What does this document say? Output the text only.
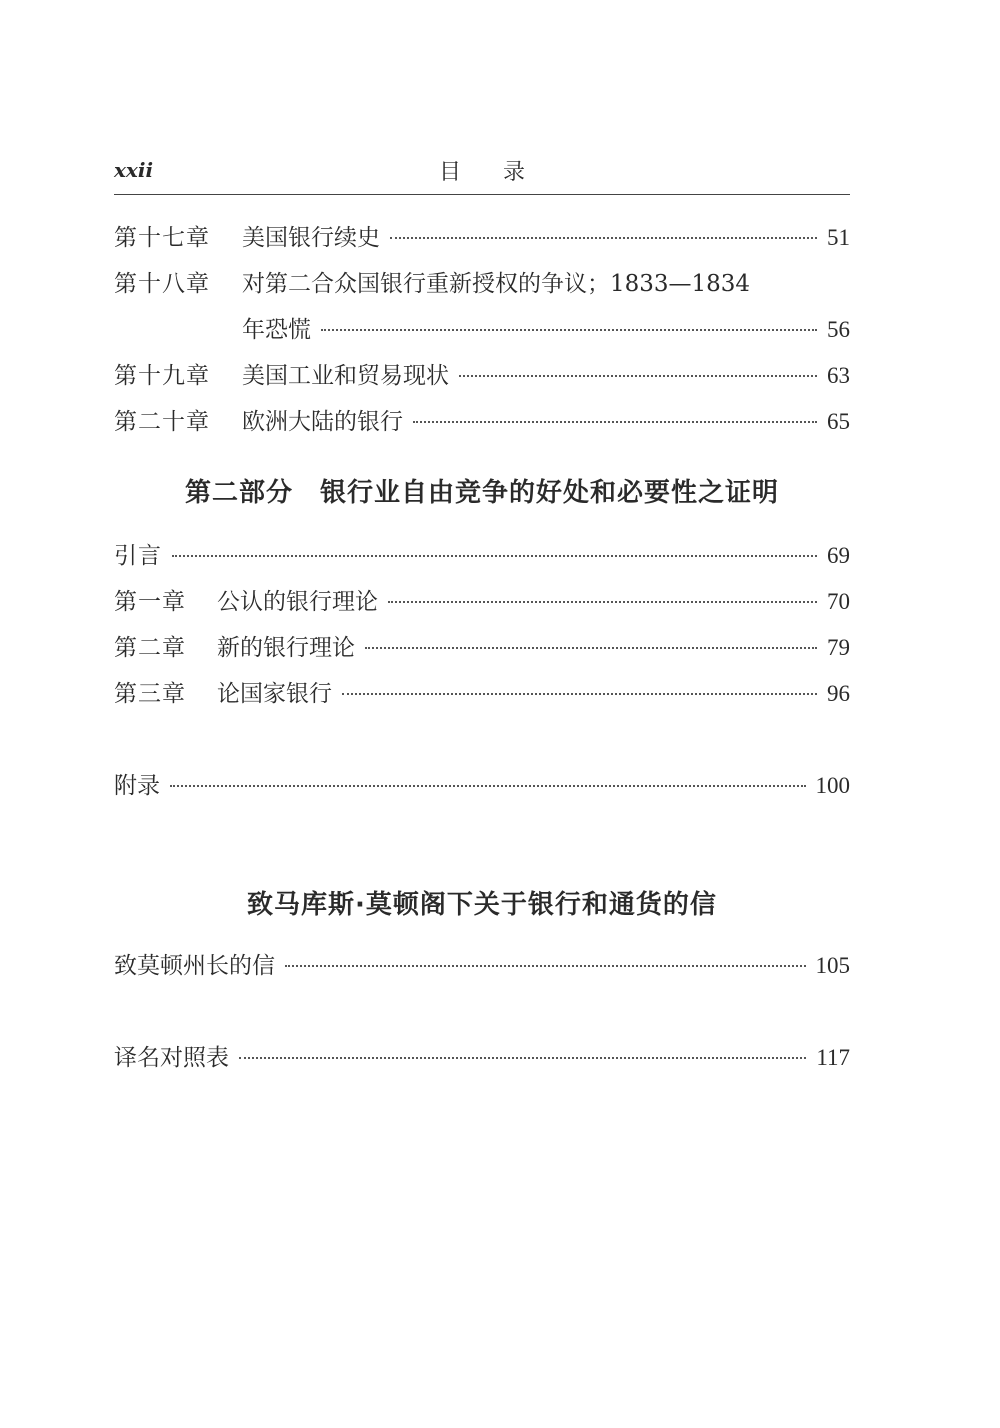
xxii	目录
第十七章	美国银行续史	51
第十八章	对第二合众国银行重新授权的争议；1833—1834
年恐慌	56
第十九章	美国工业和贸易现状	63
第二十章	欧洲大陆的银行	65
第二部分　银行业自由竞争的好处和必要性之证明
引言	69
第一章	公认的银行理论	70
第二章	新的银行理论	79
第三章	论国家银行	96
附录	100
致马库斯·莫顿阁下关于银行和通货的信
致莫顿州长的信	105
译名对照表	117
